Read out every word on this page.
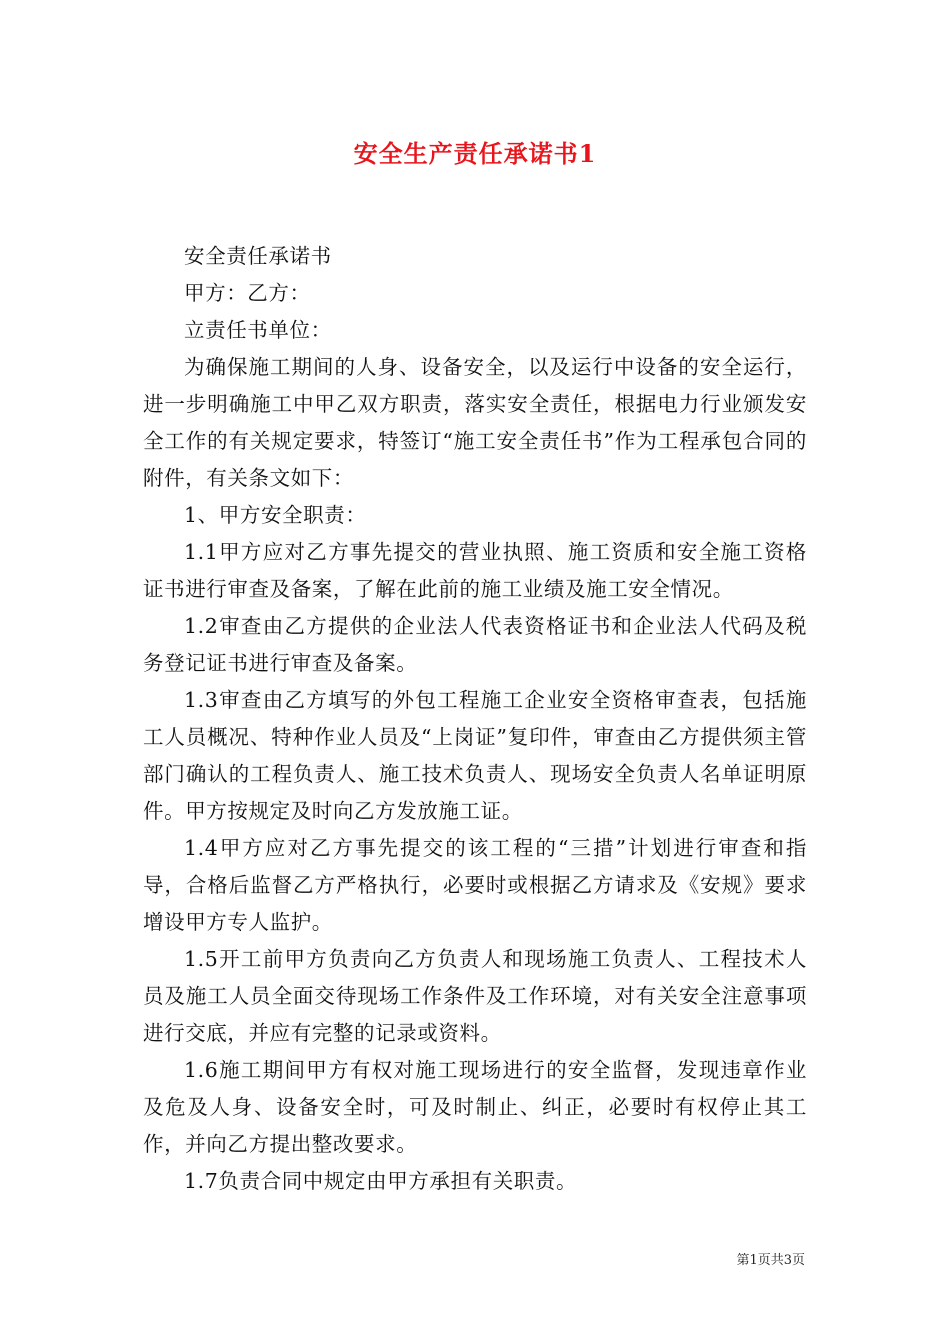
安全生产责任承诺书1

安全责任承诺书

甲方：乙方：

立责任书单位：

为确保施工期间的人身、设备安全，以及运行中设备的安全运行，进一步明确施工中甲乙双方职责，落实安全责任，根据电力行业颁发安全工作的有关规定要求，特签订“施工安全责任书”作为工程承包合同的附件，有关条文如下：

1、甲方安全职责：

1.1甲方应对乙方事先提交的营业执照、施工资质和安全施工资格证书进行审查及备案，了解在此前的施工业绩及施工安全情况。

1.2审查由乙方提供的企业法人代表资格证书和企业法人代码及税务登记证书进行审查及备案。

1.3审查由乙方填写的外包工程施工企业安全资格审查表，包括施工人员概况、特种作业人员及“上岗证”复印件，审查由乙方提供须主管部门确认的工程负责人、施工技术负责人、现场安全负责人名单证明原件。甲方按规定及时向乙方发放施工证。

1.4甲方应对乙方事先提交的该工程的“三措”计划进行审查和指导，合格后监督乙方严格执行，必要时或根据乙方请求及《安规》要求增设甲方专人监护。

1.5开工前甲方负责向乙方负责人和现场施工负责人、工程技术人员及施工人员全面交待现场工作条件及工作环境，对有关安全注意事项进行交底，并应有完整的记录或资料。

1.6施工期间甲方有权对施工现场进行的安全监督，发现违章作业及危及人身、设备安全时，可及时制止、纠正，必要时有权停止其工作，并向乙方提出整改要求。

1.7负责合同中规定由甲方承担有关职责。

第1页共3页
